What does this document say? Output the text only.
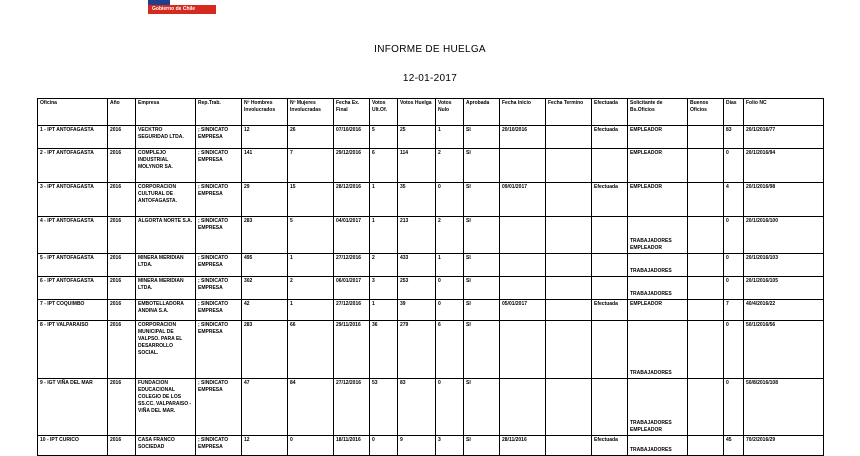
Gobierno de Chile
INFORME DE HUELGA
12-01-2017
Oficina	Año	Empresa	Rep.Trab.	Nº Hombres Involucrados	Nº Mujeres Involucradas	Fecha Ex. Final	Votos Ult.Of.	Votos Huelga	Votos Nulo	Aprobada	Fecha Inicio	Fecha Termino	Efectuada	Solicitante de Bs.Oficios	Buenos Oficios	Días	Folio NC
1 - IPT ANTOFAGASTA	2016	VECKTRO SEGURIDAD LTDA.	; SINDICATO EMPRESA	12	26	07/10/2016	5	25	1	SI	20/10/2016		Efectuada	EMPLEADOR		83	20/1/2016/77
2 - IPT ANTOFAGASTA	2016	COMPLEJO INDUSTRIAL MOLYNOR SA.	; SINDICATO EMPRESA	141	7	29/12/2016	6	114	2	SI				EMPLEADOR		0	20/1/2016/94
3 - IPT ANTOFAGASTA	2016	CORPORACION CULTURAL DE ANTOFAGASTA.	; SINDICATO EMPRESA	29	15	28/12/2016	1	35	0	SI	09/01/2017		Efectuada	EMPLEADOR		4	20/1/2016/98
4 - IPT ANTOFAGASTA	2016	ALGORTA NORTE S.A.	; SINDICATO EMPRESA	283	5	04/01/2017	1	213	2	SI				TRABAJADORES EMPLEADOR		0	20/1/2016/100
5 - IPT ANTOFAGASTA	2016	MINERA MERIDIAN LTDA.	; SINDICATO EMPRESA	495	1	27/12/2016	2	433	1	SI				TRABAJADORES		0	20/1/2016/103
6 - IPT ANTOFAGASTA	2016	MINERA MERIDIAN LTDA.	; SINDICATO EMPRESA	302	2	06/01/2017	3	253	0	SI				TRABAJADORES		0	20/1/2016/105
7 - IPT COQUIMBO	2016	EMBOTELLADORA ANDINA S.A.	; SINDICATO EMPRESA	42	1	27/12/2016	1	39	0	SI	05/01/2017		Efectuada	EMPLEADOR		7	40/4/2016/22
8 - IPT VALPARAISO	2016	CORPORACION MUNICIPAL DE VALPSO. PARA EL DESARROLLO SOCIAL.	; SINDICATO EMPRESA	283	66	29/11/2016	36	279	6	SI				TRABAJADORES		0	50/1/2016/56
9 - IGT VIÑA DEL MAR	2016	FUNDACION EDUCACIONAL COLEGIO DE LOS SS.CC. VALPARAISO - VIÑA DEL MAR.	; SINDICATO EMPRESA	47	84	27/12/2016	53	83	0	SI				TRABAJADORES EMPLEADOR		0	50/8/2016/108
10 - IPT CURICO	2016	CASA FRANCO SOCIEDAD	; SINDICATO EMPRESA	12	0	18/11/2016	0	9	3	SI	28/11/2016		Efectuada	TRABAJADORES		45	70/2/2016/29
